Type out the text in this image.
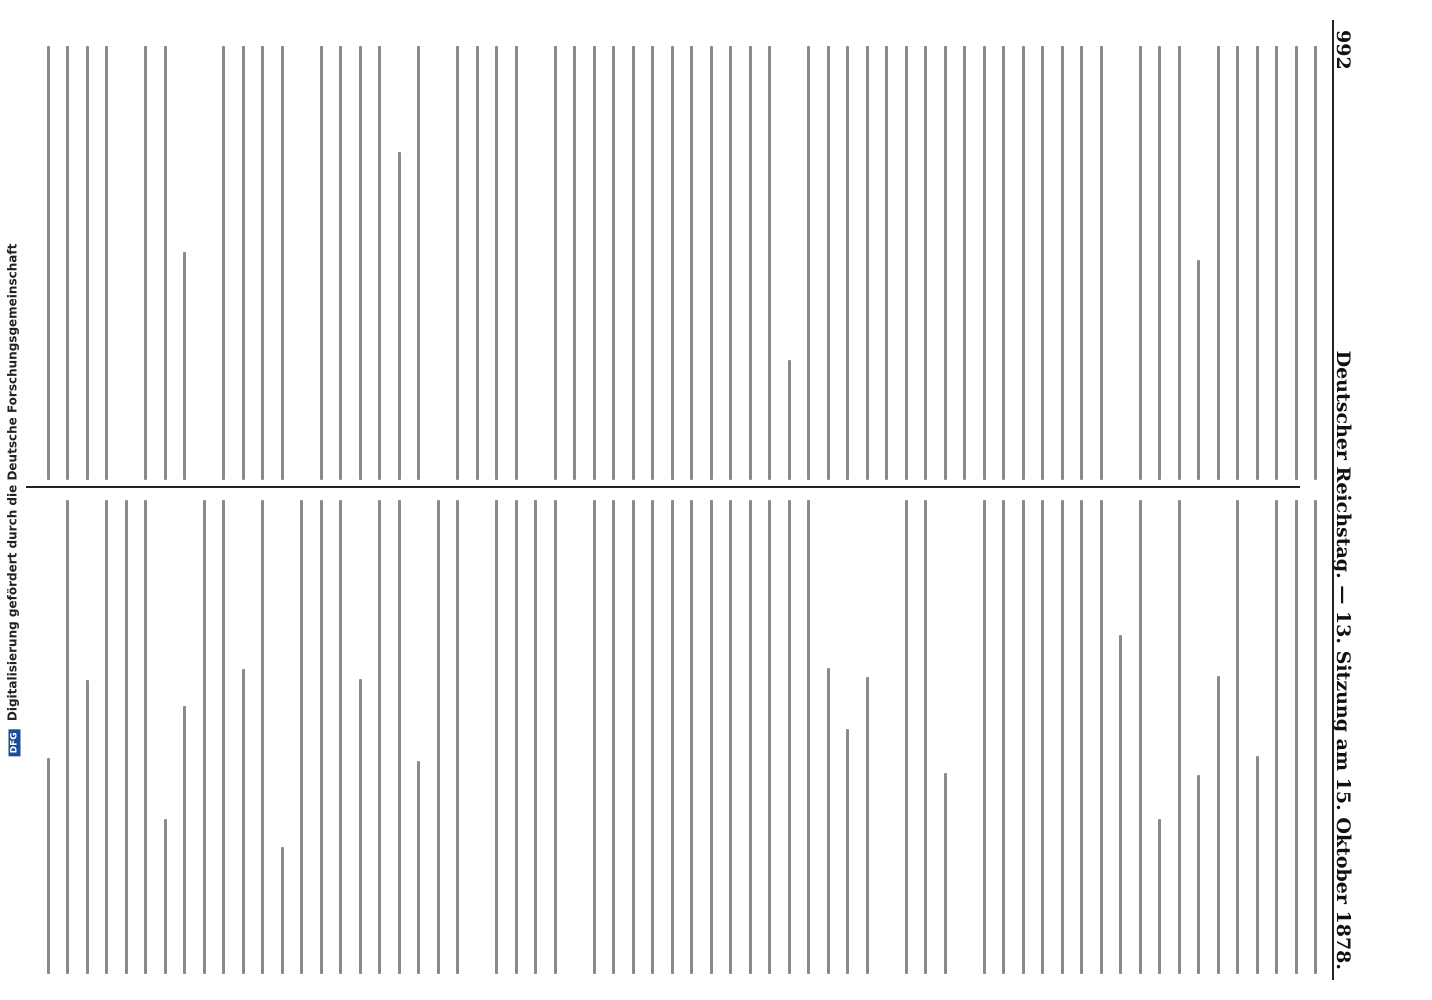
992
Deutscher Reichstag. — 13. Sitzung am 15. Oktober 1878.
DFG Digitalisierung gefördert durch die Deutsche Forschungsgemeinschaft
